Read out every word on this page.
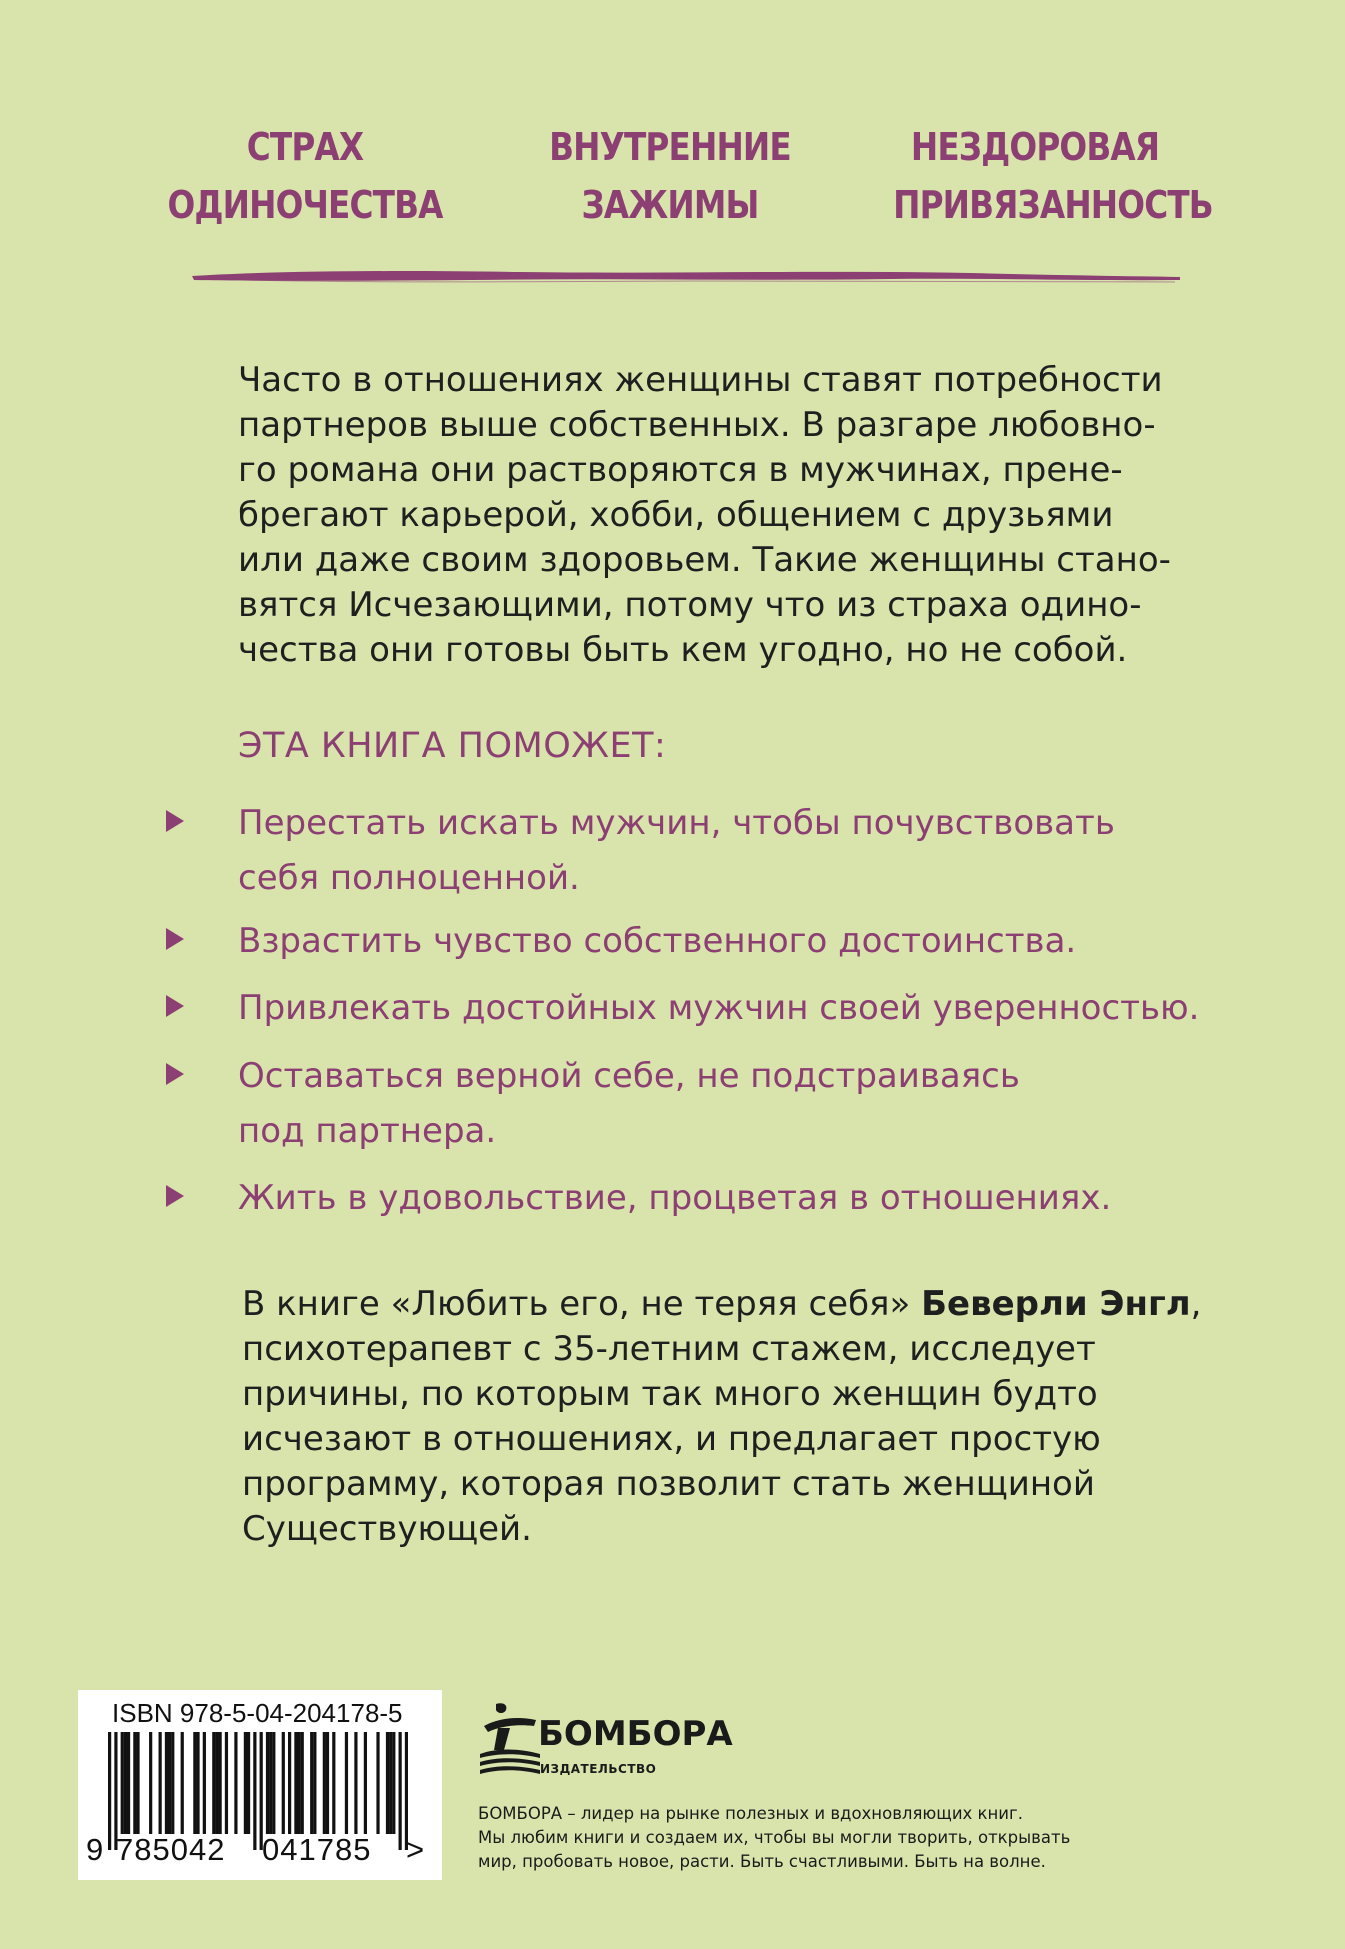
СТРАХ
ОДИНОЧЕСТВА
ВНУТРЕННИЕ
ЗАЖИМЫ
НЕЗДОРОВАЯ
ПРИВЯЗАННОСТЬ

Часто в отношениях женщины ставят потребности
партнеров выше собственных. В разгаре любовно-
го романа они растворяются в мужчинах, прене-
брегают карьерой, хобби, общением с друзьями
или даже своим здоровьем. Такие женщины стано-
вятся Исчезающими, потому что из страха одино-
чества они готовы быть кем угодно, но не собой.

ЭТА КНИГА ПОМОЖЕТ:
Перестать искать мужчин, чтобы почувствовать
себя полноценной.
Взрастить чувство собственного достоинства.
Привлекать достойных мужчин своей уверенностью.
Оставаться верной себе, не подстраиваясь
под партнера.
Жить в удовольствие, процветая в отношениях.

В книге «Любить его, не теряя себя» Беверли Энгл,
психотерапевт с 35-летним стажем, исследует
причины, по которым так много женщин будто
исчезают в отношениях, и предлагает простую
программу, которая позволит стать женщиной
Существующей.

ISBN 978-5-04-204178-5
9 785042 041785 >
БОМБОРА
ИЗДАТЕЛЬСТВО

БОМБОРА – лидер на рынке полезных и вдохновляющих книг.
Мы любим книги и создаем их, чтобы вы могли творить, открывать
мир, пробовать новое, расти. Быть счастливыми. Быть на волне.
